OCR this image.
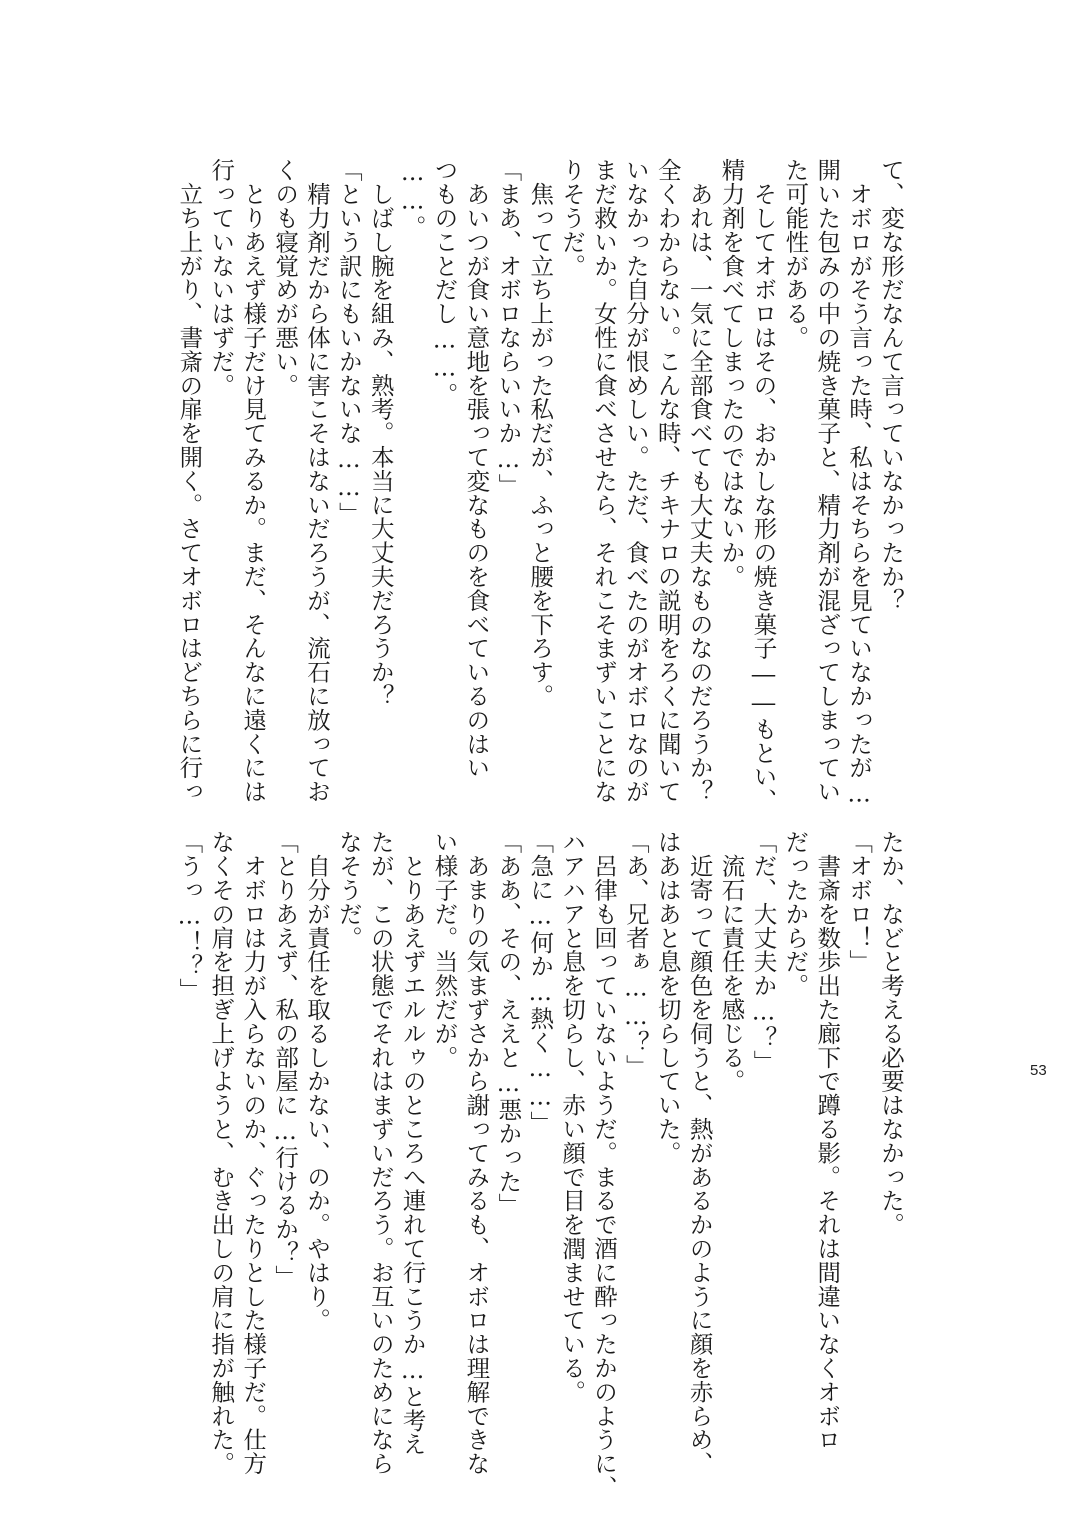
て、変な形だなんて言っていなかったか？
　オボロがそう言った時、私はそちらを見ていなかったが…
開いた包みの中の焼き菓子と、精力剤が混ざってしまってい
た可能性がある。
　そしてオボロはその、おかしな形の焼き菓子――もとい、
精力剤を食べてしまったのではないか。
　あれは、一気に全部食べても大丈夫なものなのだろうか？
全くわからない。こんな時、チキナロの説明をろくに聞いて
いなかった自分が恨めしい。ただ、食べたのがオボロなのが
まだ救いか。女性に食べさせたら、それこそまずいことにな
りそうだ。
　焦って立ち上がった私だが、ふっと腰を下ろす。
「まあ、オボロならいいか…」
　あいつが食い意地を張って変なものを食べているのはい
つものことだし……。
……。
　しばし腕を組み、熟考。本当に大丈夫だろうか？
「という訳にもいかないな……」
　精力剤だから体に害こそはないだろうが、流石に放ってお
くのも寝覚めが悪い。
　とりあえず様子だけ見てみるか。まだ、そんなに遠くには
行っていないはずだ。
　立ち上がり、書斎の扉を開く。さてオボロはどちらに行っ
たか、などと考える必要はなかった。
「オボロ！」
　書斎を数歩出た廊下で蹲る影。それは間違いなくオボロ
だったからだ。
「だ、大丈夫か…？」
　流石に責任を感じる。
　近寄って顔色を伺うと、熱があるかのように顔を赤らめ、
はあはあと息を切らしていた。
「あ、兄者ぁ……？」
　呂律も回っていないようだ。まるで酒に酔ったかのように、
ハアハアと息を切らし、赤い顔で目を潤ませている。
「急に…何か…熱く……」
「ああ、その、ええと…悪かった」
　あまりの気まずさから謝ってみるも、オボロは理解できな
い様子だ。当然だが。
　とりあえずエルルゥのところへ連れて行こうか…と考え
たが、この状態でそれはまずいだろう。お互いのためになら
なそうだ。
　自分が責任を取るしかない、のか。やはり。
「とりあえず、私の部屋に…行けるか？」
　オボロは力が入らないのか、ぐったりとした様子だ。仕方
なくその肩を担ぎ上げようと、むき出しの肩に指が触れた。
「うっ…！？」
53
